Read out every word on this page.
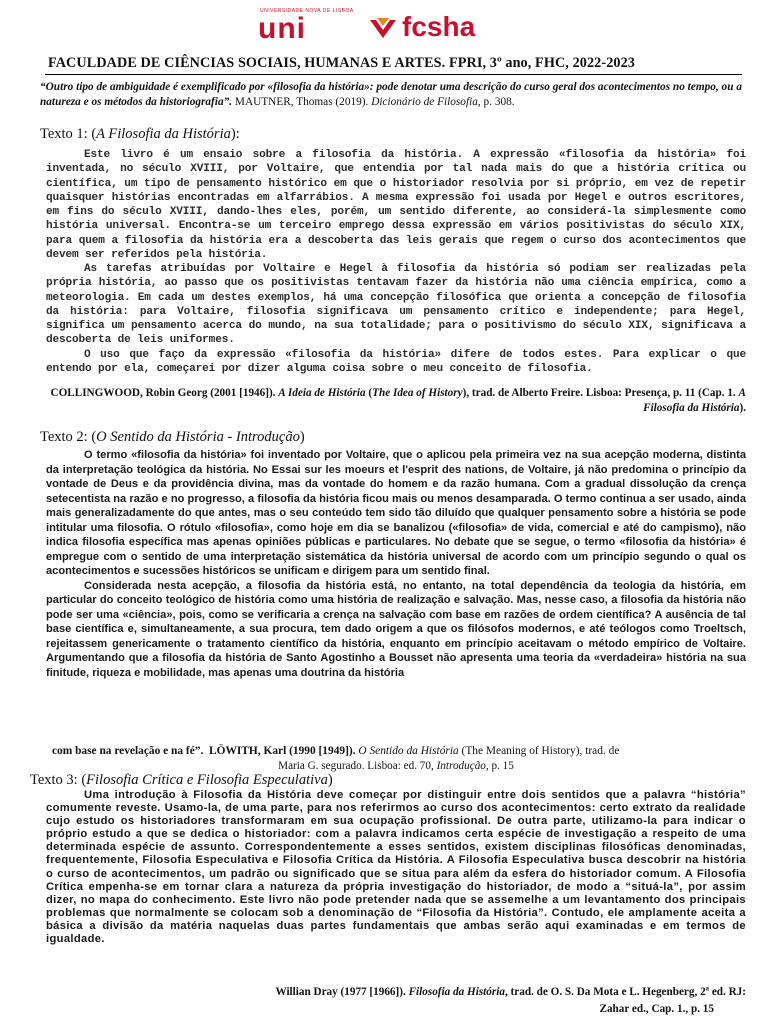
UNIVERSIDADE NOVA DE LISBOA
uni	fcsha
FACULDADE DE CIÊNCIAS SOCIAIS, HUMANAS E ARTES. FPRI, 3º ano, FHC, 2022-2023
“Outro tipo de ambiguidade é exemplificado por «filosofia da história»: pode denotar uma descrição do curso geral dos acontecimentos no tempo, ou a natureza e os métodos da historiografia”. MAUTNER, Thomas (2019). Dicionário de Filosofia, p. 308.
Texto 1: (A Filosofia da História):

Este livro é um ensaio sobre a filosofia da história. A expressão «filosofia da história» foi inventada, no século XVIII, por Voltaire, que entendia por tal nada mais do que a história crítica ou científica, um tipo de pensamento histórico em que o historiador resolvia por si próprio, em vez de repetir quaisquer histórias encontradas em alfarrábios. A mesma expressão foi usada por Hegel e outros escritores, em fins do século XVIII, dando-lhes eles, porém, um sentido diferente, ao considerá-la simplesmente como história universal. Encontra-se um terceiro emprego dessa expressão em vários positivistas do século XIX, para quem a filosofia da história era a descoberta das leis gerais que regem o curso dos acontecimentos que devem ser referidos pela história.

As tarefas atribuídas por Voltaire e Hegel à filosofia da história só podiam ser realizadas pela própria história, ao passo que os positivistas tentavam fazer da história não uma ciência empírica, como a meteorologia. Em cada um destes exemplos, há uma concepção filosófica que orienta a concepção de filosofia da história: para Voltaire, filosofia significava um pensamento crítico e independente; para Hegel, significa um pensamento acerca do mundo, na sua totalidade; para o positivismo do século XIX, significava a descoberta de leis uniformes.

O uso que faço da expressão «filosofia da história» difere de todos estes. Para explicar o que entendo por ela, começarei por dizer alguma coisa sobre o meu conceito de filosofia.

COLLINGWOOD, Robin Georg (2001 [1946]). A Ideia de História (The Idea of History), trad. de Alberto Freire. Lisboa: Presença, p. 11 (Cap. 1. A Filosofia da História).
Texto 2: (O Sentido da História - Introdução)

O termo «filosofia da história» foi inventado por Voltaire, que o aplicou pela primeira vez na sua acepção moderna, distinta da interpretação teológica da história. No Essai sur les moeurs et l'esprit des nations, de Voltaire, já não predomina o princípio da vontade de Deus e da providência divina, mas da vontade do homem e da razão humana. Com a gradual dissolução da crença setecentista na razão e no progresso, a filosofia da história ficou mais ou menos desamparada. O termo continua a ser usado, ainda mais generalizadamente do que antes, mas o seu conteúdo tem sido tão diluído que qualquer pensamento sobre a história se pode intitular uma filosofia. O rótulo «filosofia», como hoje em dia se banalizou («filosofia» de vida, comercial e até do campismo), não indica filosofia específica mas apenas opiniões públicas e particulares. No debate que se segue, o termo «filosofia da história» é empregue com o sentido de uma interpretação sistemática da história universal de acordo com um princípio segundo o qual os acontecimentos e sucessões históricos se unificam e dirigem para um sentido final.

Considerada nesta acepção, a filosofia da história está, no entanto, na total dependência da teologia da história, em particular do conceito teológico de história como uma história de realização e salvação. Mas, nesse caso, a filosofia da história não pode ser uma «ciência», pois, como se verificaria a crença na salvação com base em razões de ordem científica? A ausência de tal base científica e, simultaneamente, a sua procura, tem dado origem a que os filósofos modernos, e até teólogos como Troeltsch, rejeitassem genericamente o tratamento científico da história, enquanto em princípio aceitavam o método empírico de Voltaire. Argumentando que a filosofia da história de Santo Agostinho a Bousset não apresenta uma teoria da «verdadeira» história na sua finitude, riqueza e mobilidade, mas apenas uma doutrina da história

com base na revelação e na fé”. LÖWITH, Karl (1990 [1949]). O Sentido da História (The Meaning of History), trad. de
Maria G. segurado. Lisboa: ed. 70, Introdução, p. 15
Texto 3: (Filosofia Crítica e Filosofia Especulativa)

Uma introdução à Filosofia da História deve começar por distinguir entre dois sentidos que a palavra “história” comumente reveste. Usamo-la, de uma parte, para nos referirmos ao curso dos acontecimentos: certo extrato da realidade cujo estudo os historiadores transformaram em sua ocupação profissional. De outra parte, utilizamo-la para indicar o próprio estudo a que se dedica o historiador: com a palavra indicamos certa espécie de investigação a respeito de uma determinada espécie de assunto. Correspondentemente a esses sentidos, existem disciplinas filosóficas denominadas, frequentemente, Filosofia Especulativa e Filosofia Crítica da História. A Filosofia Especulativa busca descobrir na história o curso de acontecimentos, um padrão ou significado que se situa para além da esfera do historiador comum. A Filosofia Crítica empenha-se em tornar clara a natureza da própria investigação do historiador, de modo a “situá-la”, por assim dizer, no mapa do conhecimento. Este livro não pode pretender nada que se assemelhe a um levantamento dos principais problemas que normalmente se colocam sob a denominação de “Filosofia da História”. Contudo, ele amplamente aceita a básica a divisão da matéria naquelas duas partes fundamentais que ambas serão aqui examinadas e em termos de igualdade.

Willian Dray (1977 [1966]). Filosofia da História, trad. de O. S. Da Mota e L. Hegenberg, 2ª ed. RJ:
Zahar ed., Cap. 1., p. 15
